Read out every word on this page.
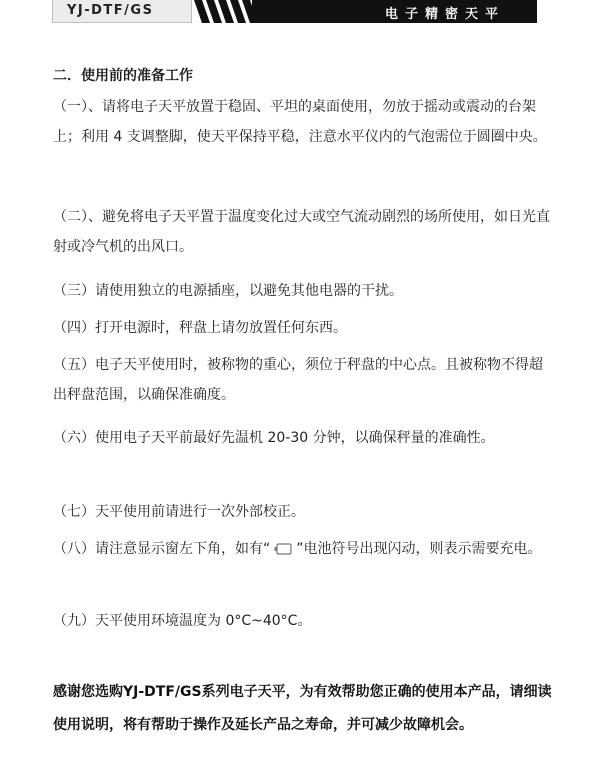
YJ-DTF/GS	电子精密天平
二．使用前的准备工作
（一）、请将电子天平放置于稳固、平坦的桌面使用，勿放于摇动或震动的台架上；利用 4 支调整脚，使天平保持平稳，注意水平仪内的气泡需位于圆圈中央。
（二）、避免将电子天平置于温度变化过大或空气流动剧烈的场所使用，如日光直射或冷气机的出风口。
（三）请使用独立的电源插座，以避免其他电器的干扰。
（四）打开电源时，秤盘上请勿放置任何东西。
（五）电子天平使用时，被称物的重心，须位于秤盘的中心点。且被称物不得超出秤盘范围，以确保准确度。
（六）使用电子天平前最好先温机 20-30 分钟，以确保秤量的准确性。
（七）天平使用前请进行一次外部校正。
（八）请注意显示窗左下角，如有“ ”电池符号出现闪动，则表示需要充电。
（九）天平使用环境温度为 0°C~40°C。
感谢您选购YJ-DTF/GS系列电子天平，为有效帮助您正确的使用本产品，请细读使用说明，将有帮助于操作及延长产品之寿命，并可减少故障机会。
